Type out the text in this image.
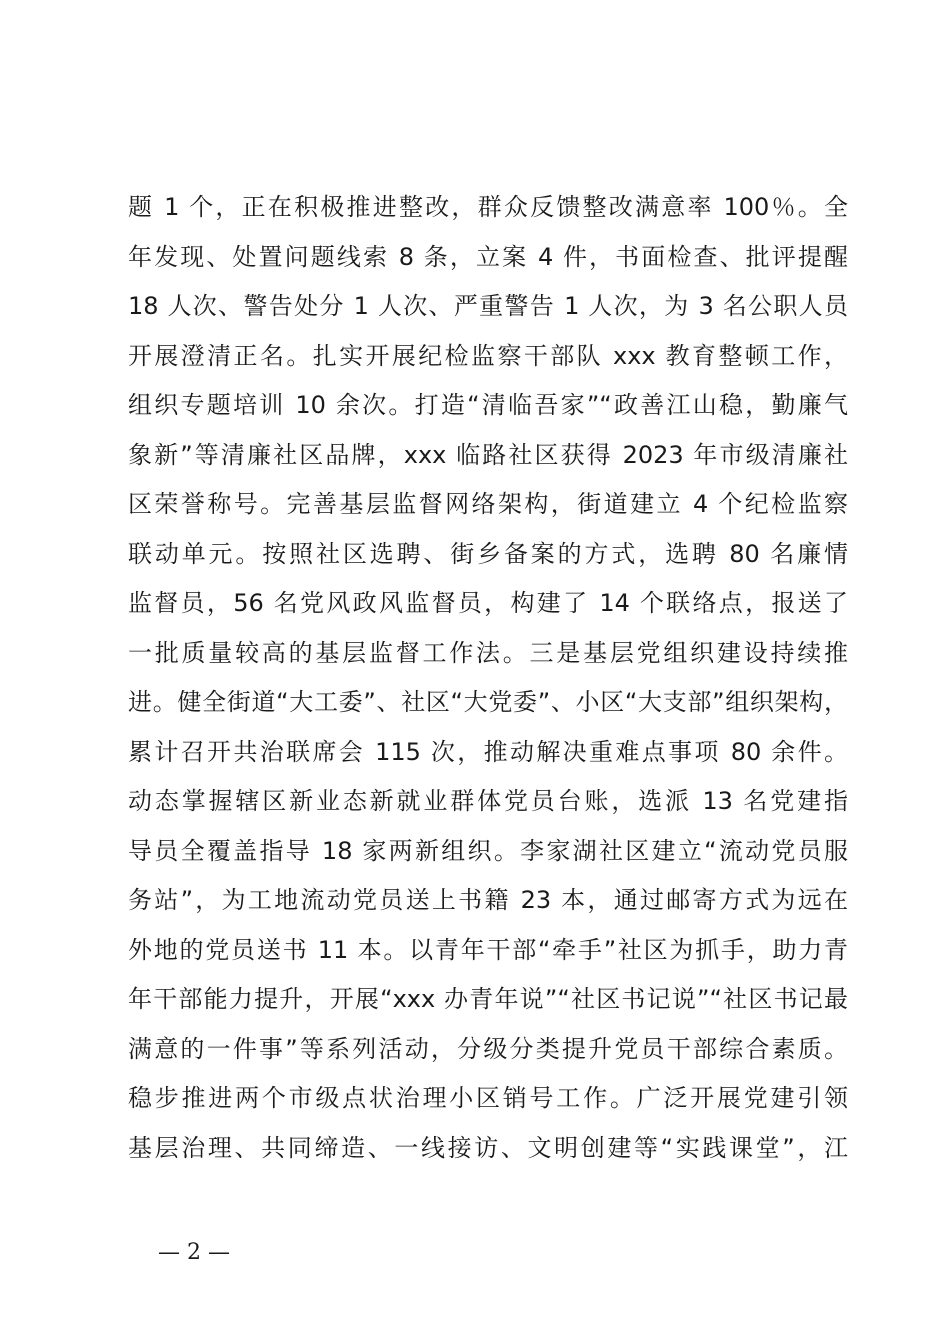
题 1 个，正在积极推进整改，群众反馈整改满意率 100％。全
年发现、处置问题线索 8 条，立案 4 件，书面检查、批评提醒
18 人次、警告处分 1 人次、严重警告 1 人次，为 3 名公职人员
开展澄清正名。扎实开展纪检监察干部队 xxx 教育整顿工作，
组织专题培训 10 余次。打造“清临吾家”“政善江山稳，勤廉气
象新”等清廉社区品牌，xxx 临路社区获得 2023 年市级清廉社
区荣誉称号。完善基层监督网络架构，街道建立 4 个纪检监察
联动单元。按照社区选聘、街乡备案的方式，选聘 80 名廉情
监督员，56 名党风政风监督员，构建了 14 个联络点，报送了
一批质量较高的基层监督工作法。三是基层党组织建设持续推
进。健全街道“大工委”、社区“大党委”、小区“大支部”组织架构，
累计召开共治联席会 115 次，推动解决重难点事项 80 余件。
动态掌握辖区新业态新就业群体党员台账，选派 13 名党建指
导员全覆盖指导 18 家两新组织。李家湖社区建立“流动党员服
务站”，为工地流动党员送上书籍 23 本，通过邮寄方式为远在
外地的党员送书 11 本。以青年干部“牵手”社区为抓手，助力青
年干部能力提升，开展“xxx 办青年说”“社区书记说”“社区书记最
满意的一件事”等系列活动，分级分类提升党员干部综合素质。
稳步推进两个市级点状治理小区销号工作。广泛开展党建引领
基层治理、共同缔造、一线接访、文明创建等“实践课堂”，江
— 2 —
